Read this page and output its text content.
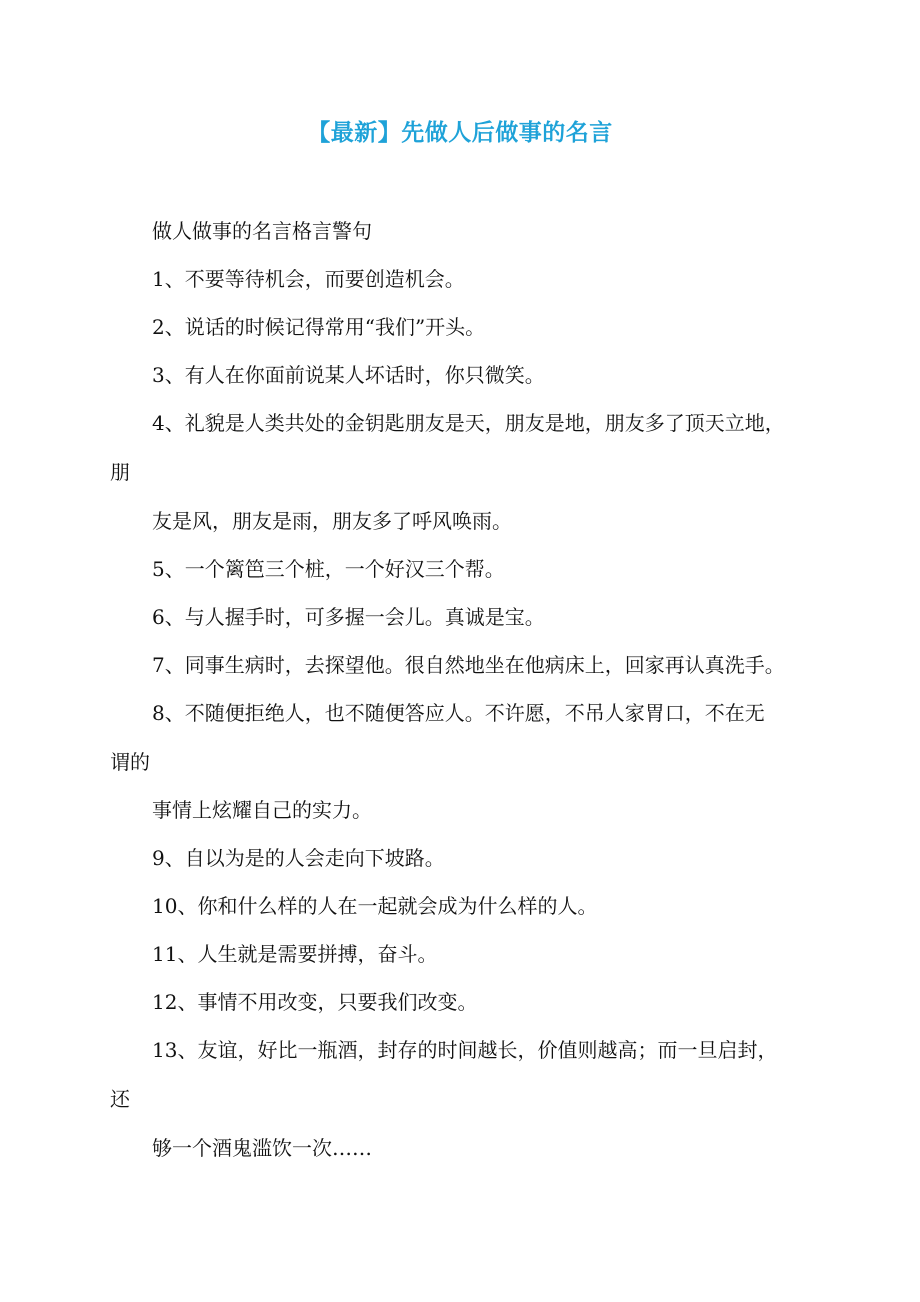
【最新】先做人后做事的名言
做人做事的名言格言警句
1、不要等待机会，而要创造机会。
2、说话的时候记得常用“我们”开头。
3、有人在你面前说某人坏话时，你只微笑。
4、礼貌是人类共处的金钥匙朋友是天，朋友是地，朋友多了顶天立地，
朋
友是风，朋友是雨，朋友多了呼风唤雨。
5、一个篱笆三个桩，一个好汉三个帮。
6、与人握手时，可多握一会儿。真诚是宝。
7、同事生病时，去探望他。很自然地坐在他病床上，回家再认真洗手。
8、不随便拒绝人，也不随便答应人。不许愿，不吊人家胃口，不在无
谓的
事情上炫耀自己的实力。
9、自以为是的人会走向下坡路。
10、你和什么样的人在一起就会成为什么样的人。
11、人生就是需要拼搏，奋斗。
12、事情不用改变，只要我们改变。
13、友谊，好比一瓶酒，封存的时间越长，价值则越高；而一旦启封，
还
够一个酒鬼滥饮一次……
